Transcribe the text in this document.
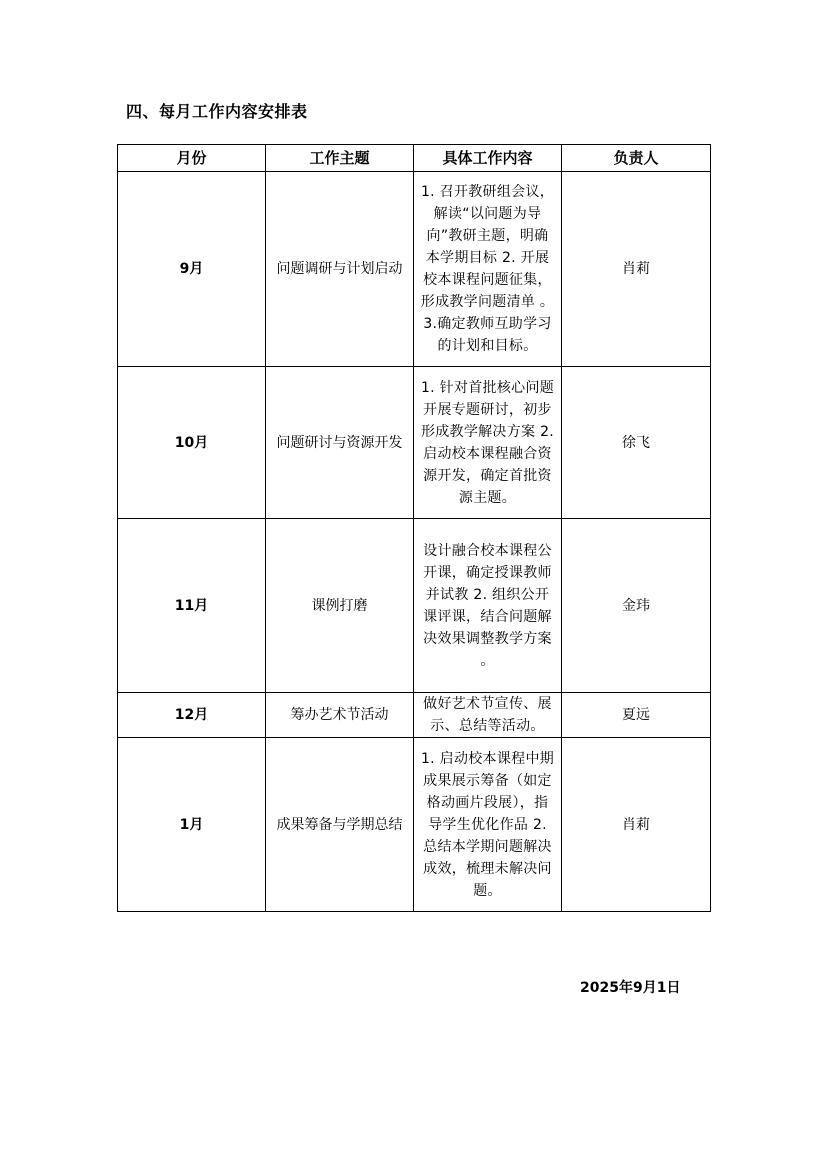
四、每月工作内容安排表
月份	工作主题	具体工作内容	负责人
9月	问题调研与计划启动	1. 召开教研组会议，解读“以问题为导向”教研主题，明确本学期目标 2. 开展校本课程问题征集，形成教学问题清单 。3.确定教师互助学习的计划和目标。	肖莉
10月	问题研讨与资源开发	1. 针对首批核心问题开展专题研讨，初步形成教学解决方案 2. 启动校本课程融合资源开发，确定首批资源主题。	徐飞
11月	课例打磨	设计融合校本课程公开课，确定授课教师并试教 2. 组织公开课评课，结合问题解决效果调整教学方案 。	金玮
12月	筹办艺术节活动	做好艺术节宣传、展示、总结等活动。	夏远
1月	成果筹备与学期总结	1. 启动校本课程中期成果展示筹备（如定格动画片段展），指导学生优化作品 2. 总结本学期问题解决成效，梳理未解决问题。	肖莉
2025年9月1日
